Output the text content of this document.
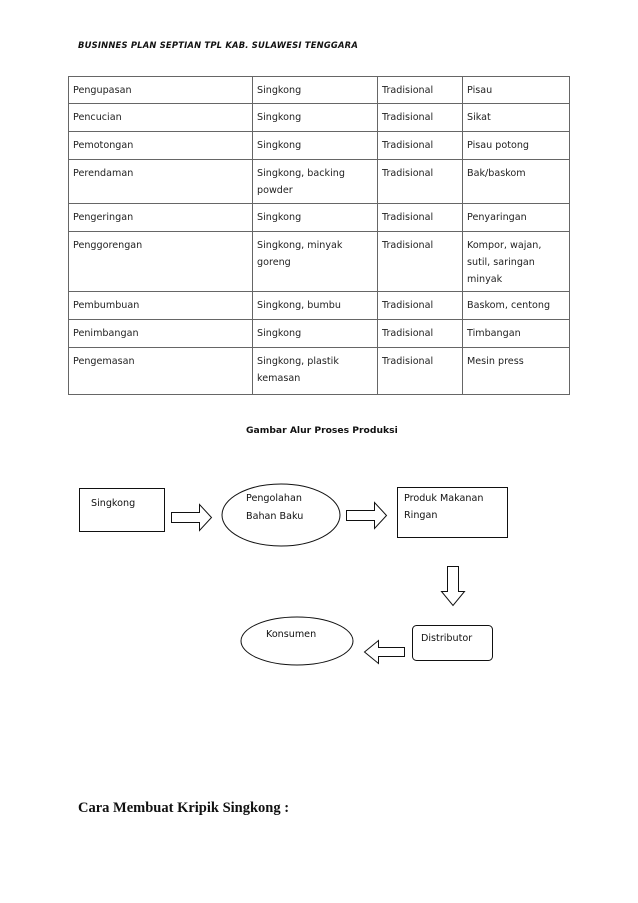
BUSINNES PLAN SEPTIAN TPL KAB. SULAWESI TENGGARA
Pengupasan	Singkong	Tradisional	Pisau
Pencucian	Singkong	Tradisional	Sikat
Pemotongan	Singkong	Tradisional	Pisau potong
Perendaman	Singkong, backing powder	Tradisional	Bak/baskom
Pengeringan	Singkong	Tradisional	Penyaringan
Penggorengan	Singkong, minyak goreng	Tradisional	Kompor, wajan, sutil, saringan minyak
Pembumbuan	Singkong, bumbu	Tradisional	Baskom, centong
Penimbangan	Singkong	Tradisional	Timbangan
Pengemasan	Singkong, plastik kemasan	Tradisional	Mesin press
Gambar Alur Proses Produksi
Singkong	Pengolahan
Bahan Baku
Produk Makanan
Ringan
Distributor
Konsumen
Cara Membuat Kripik Singkong :
